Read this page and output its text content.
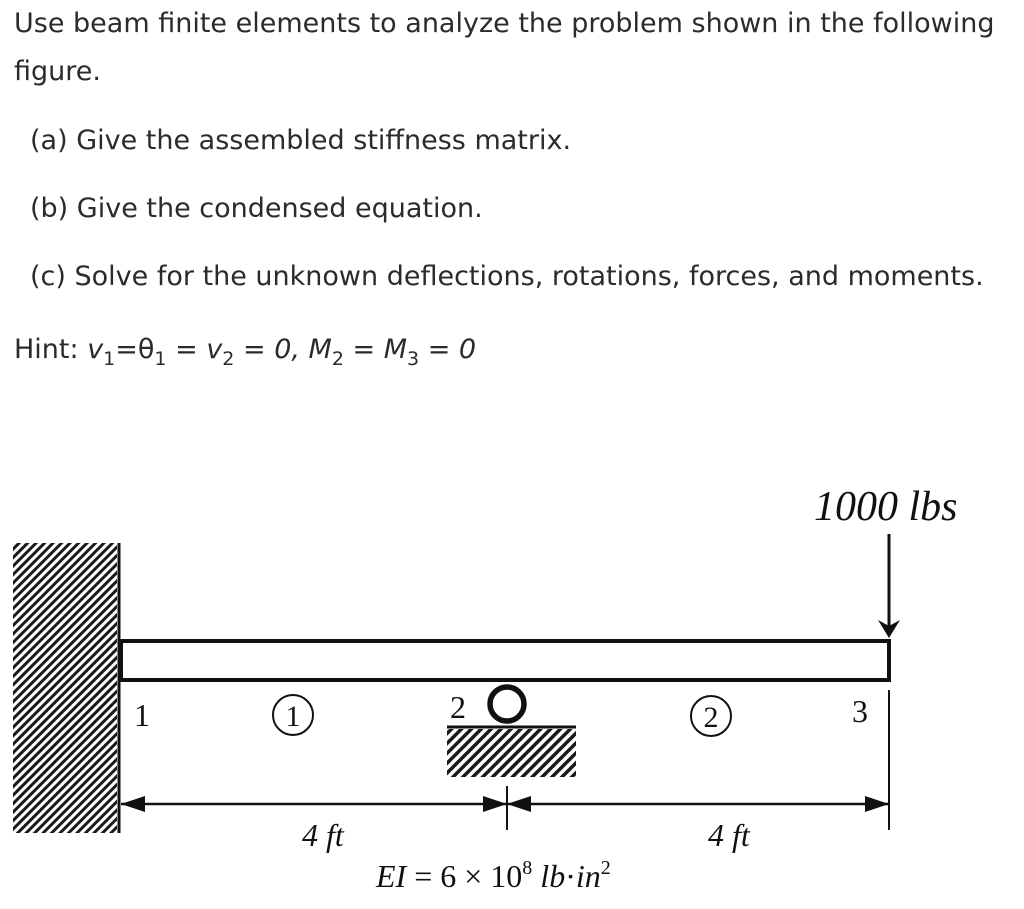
Use beam finite elements to analyze the problem shown in the following
figure.
(a) Give the assembled stiffness matrix.
(b) Give the condensed equation.
(c) Solve for the unknown deflections, rotations, forces, and moments.
Hint: $v_1=\theta_1 = v_2 = 0$, $M_2 = M_3 = 0$
1000 lbs
1	2	3
1	2
4 ft	4 ft
EI = $6 \times 10^8$ $lb\cdot in^2$
